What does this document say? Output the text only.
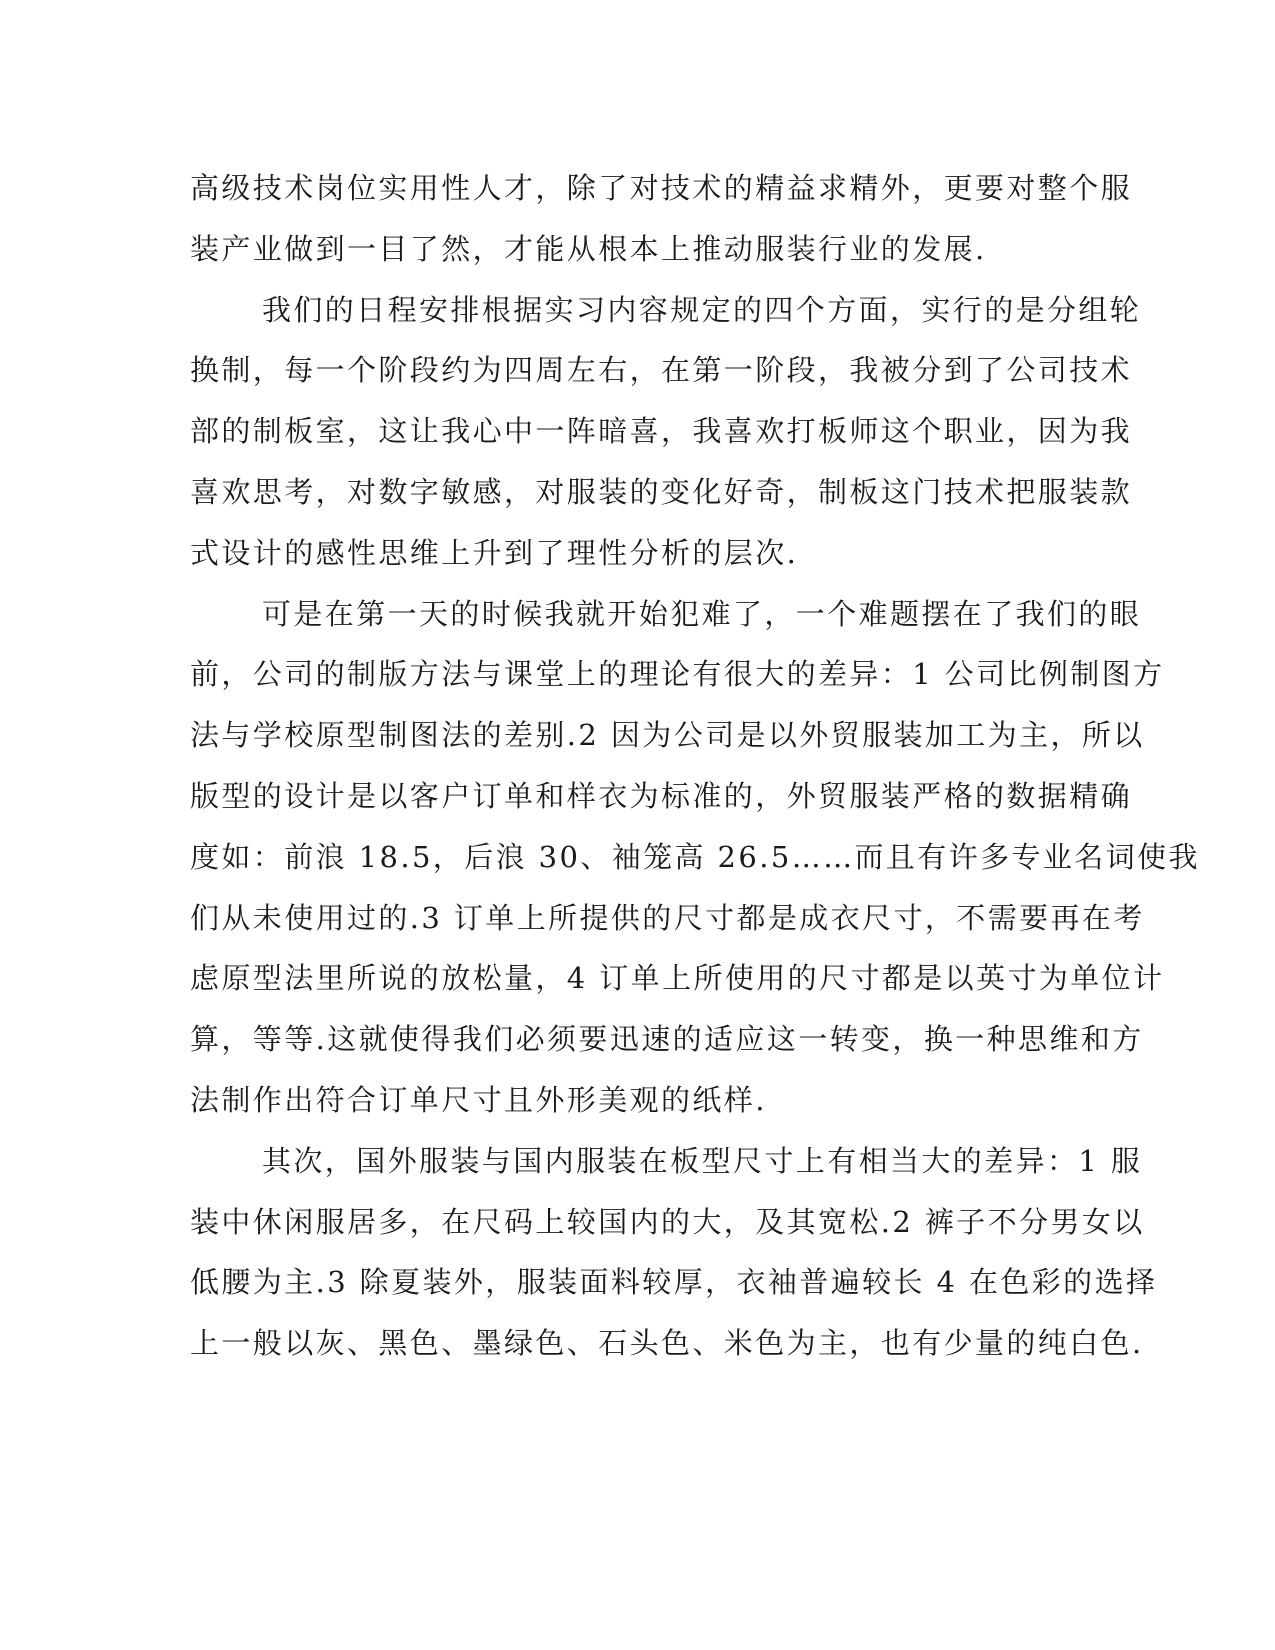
高级技术岗位实用性人才，除了对技术的精益求精外，更要对整个服
装产业做到一目了然，才能从根本上推动服装行业的发展.
我们的日程安排根据实习内容规定的四个方面，实行的是分组轮
换制，每一个阶段约为四周左右，在第一阶段，我被分到了公司技术
部的制板室，这让我心中一阵暗喜，我喜欢打板师这个职业，因为我
喜欢思考，对数字敏感，对服装的变化好奇，制板这门技术把服装款
式设计的感性思维上升到了理性分析的层次.
可是在第一天的时候我就开始犯难了，一个难题摆在了我们的眼
前，公司的制版方法与课堂上的理论有很大的差异：1 公司比例制图方
法与学校原型制图法的差别.2 因为公司是以外贸服装加工为主，所以
版型的设计是以客户订单和样衣为标准的，外贸服装严格的数据精确
度如：前浪 18.5，后浪 30、袖笼高 26.5……而且有许多专业名词使我
们从未使用过的.3 订单上所提供的尺寸都是成衣尺寸，不需要再在考
虑原型法里所说的放松量，4 订单上所使用的尺寸都是以英寸为单位计
算，等等.这就使得我们必须要迅速的适应这一转变，换一种思维和方
法制作出符合订单尺寸且外形美观的纸样.
其次，国外服装与国内服装在板型尺寸上有相当大的差异：1 服
装中休闲服居多，在尺码上较国内的大，及其宽松.2 裤子不分男女以
低腰为主.3 除夏装外，服装面料较厚，衣袖普遍较长 4 在色彩的选择
上一般以灰、黑色、墨绿色、石头色、米色为主，也有少量的纯白色.
